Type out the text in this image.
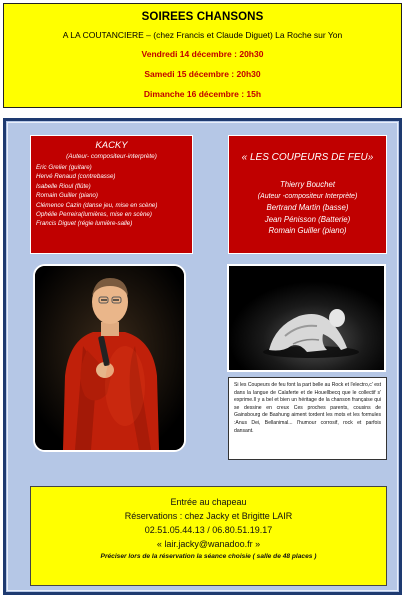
SOIREES CHANSONS
A LA COUTANCIERE – (chez Francis et Claude Diguet) La Roche sur Yon
Vendredi 14 décembre : 20h30
Samedi 15 décembre : 20h30
Dimanche 16 décembre : 15h
KACKY
(Auteur- compositeur-interprète)
Eric Grelier (guitare)
Hervé Renaud (contrebasse)
Isabelle Rioul (flûte)
Romain Guiller (piano)
Clémence Cazin (danse jeu, mise en scène)
Ophélie Perreira(lumières, mise en scène)
Francis Diguet (régie lumière-salle)
« LES COUPEURS DE FEU»
Thierry Bouchet
(Auteur -compositeur Interprète)
Bertrand Martin (basse)
Jean Pénisson (Batterie)
Romain Guiller (piano)
Si les Coupeurs de feu font la part belle au Rock et l'electro,c' est dans la langue de Calaferte et de Houellbecq que le collectif s' exprime.Il y a bel et bien un héritage de la chanson française qui se dessine en creux Ces proches parents, cousins de Gainsbourg de Bashung aiment tordent les mots et les formules :Anus Dei, Bellanimal... l'humour corrosif, rock et parfois dansant.
Entrée au chapeau
Réservations : chez Jacky et Brigitte LAIR
02.51.05.44.13 / 06.80.51.19.17
« lair.jacky@wanadoo.fr »
Préciser lors de la réservation la séance choisie ( salle de 48 places )
